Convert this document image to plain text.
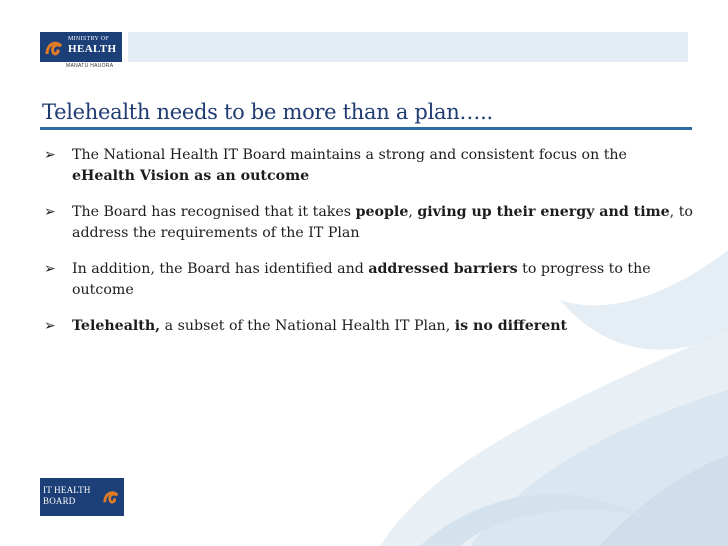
MINISTRY OF
HEALTH
MANATŪ HAUORA
Telehealth needs to be more than a plan…..
➢ The National Health IT Board maintains a strong and consistent focus on the eHealth Vision as an outcome
➢ The Board has recognised that it takes people, giving up their energy and time, to address the requirements of the IT Plan
➢ In addition, the Board has identified and addressed barriers to progress to the outcome
➢ Telehealth, a subset of the National Health IT Plan, is no different
IT HEALTH
BOARD
